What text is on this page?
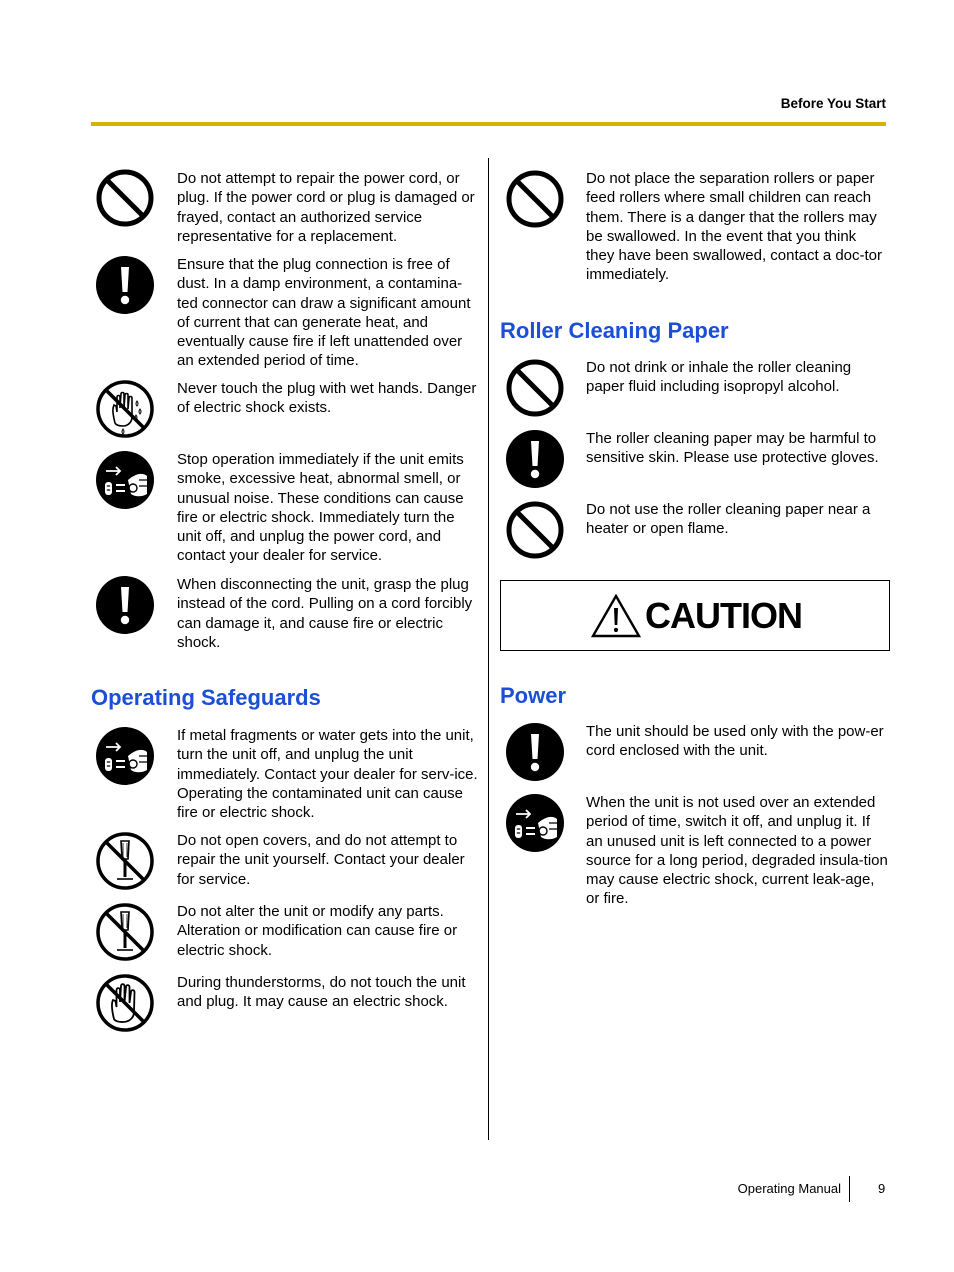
Before You Start
Do not attempt to repair the power cord, or plug. If the power cord or plug is damaged or frayed, contact an authorized service representative for a replacement.
Ensure that the plug connection is free of dust. In a damp environment, a contamina-ted connector can draw a significant amount of current that can generate heat, and eventually cause fire if left unattended over an extended period of time.
Never touch the plug with wet hands. Danger of electric shock exists.
Stop operation immediately if the unit emits smoke, excessive heat, abnormal smell, or unusual noise. These conditions can cause fire or electric shock. Immediately turn the unit off, and unplug the power cord, and contact your dealer for service.
When disconnecting the unit, grasp the plug instead of the cord. Pulling on a cord forcibly can damage it, and cause fire or electric shock.
Operating Safeguards
If metal fragments or water gets into the unit, turn the unit off, and unplug the unit immediately. Contact your dealer for serv-ice. Operating the contaminated unit can cause fire or electric shock.
Do not open covers, and do not attempt to repair the unit yourself. Contact your dealer for service.
Do not alter the unit or modify any parts. Alteration or modification can cause fire or electric shock.
During thunderstorms, do not touch the unit and plug. It may cause an electric shock.
Do not place the separation rollers or paper feed rollers where small children can reach them. There is a danger that the rollers may be swallowed. In the event that you think they have been swallowed, contact a doc-tor immediately.
Roller Cleaning Paper
Do not drink or inhale the roller cleaning paper fluid including isopropyl alcohol.
The roller cleaning paper may be harmful to sensitive skin. Please use protective gloves.
Do not use the roller cleaning paper near a heater or open flame.
CAUTION
Power
The unit should be used only with the pow-er cord enclosed with the unit.
When the unit is not used over an extended period of time, switch it off, and unplug it. If an unused unit is left connected to a power source for a long period, degraded insula-tion may cause electric shock, current leak-age, or fire.
Operating Manual	9
